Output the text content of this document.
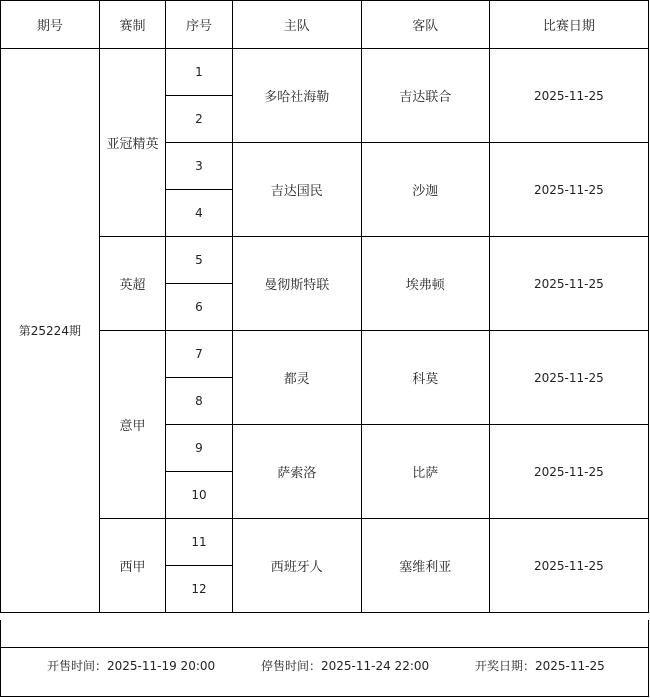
期号	赛制	序号	主队	客队	比赛日期
第25224期	亚冠精英	1	多哈社海勒	吉达联合	2025-11-25
		2			
		3	吉达国民	沙迦	2025-11-25
		4			
	英超	5	曼彻斯特联	埃弗顿	2025-11-25
		6			
	意甲	7	都灵	科莫	2025-11-25
		8			
		9	萨索洛	比萨	2025-11-25
		10			
	西甲	11	西班牙人	塞维利亚	2025-11-25
		12			
开售时间：2025-11-19 20:00	停售时间：2025-11-24 22:00	开奖日期：2025-11-25
